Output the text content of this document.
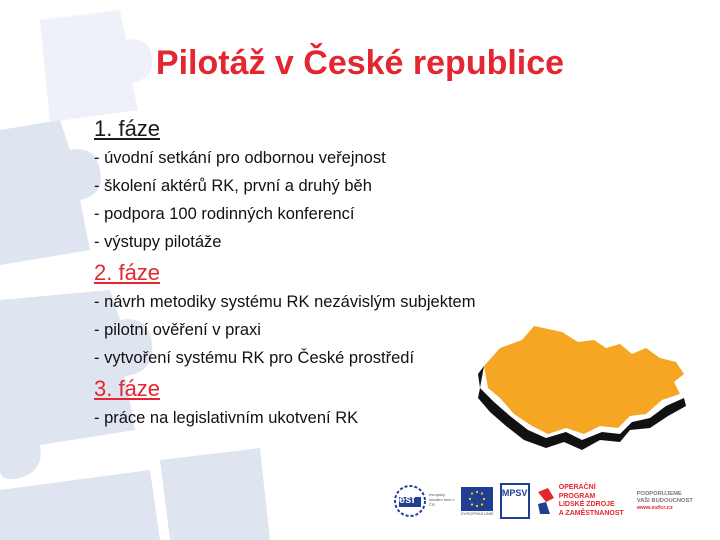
Pilotáž v České republice
1. fáze
- úvodní setkání pro odbornou veřejnost
- školení aktérů RK, první a druhý běh
- podpora 100 rodinných konferencí
- výstupy pilotáže
2. fáze
- návrh metodiky systému RK nezávislým subjektem
- pilotní ověření v praxi
- vytvoření systému RK pro České prostředí
3. fáze
- práce na legislativním ukotvení RK
esf	evropský sociální fond v ČR
EVROPSKÁ UNIE
MPSV
OPERAČNÍ PROGRAM
LIDSKÉ ZDROJE
A ZAMĚSTNANOST
PODPORUJEME
VAŠI BUDOUCNOST
www.esfcr.cz
